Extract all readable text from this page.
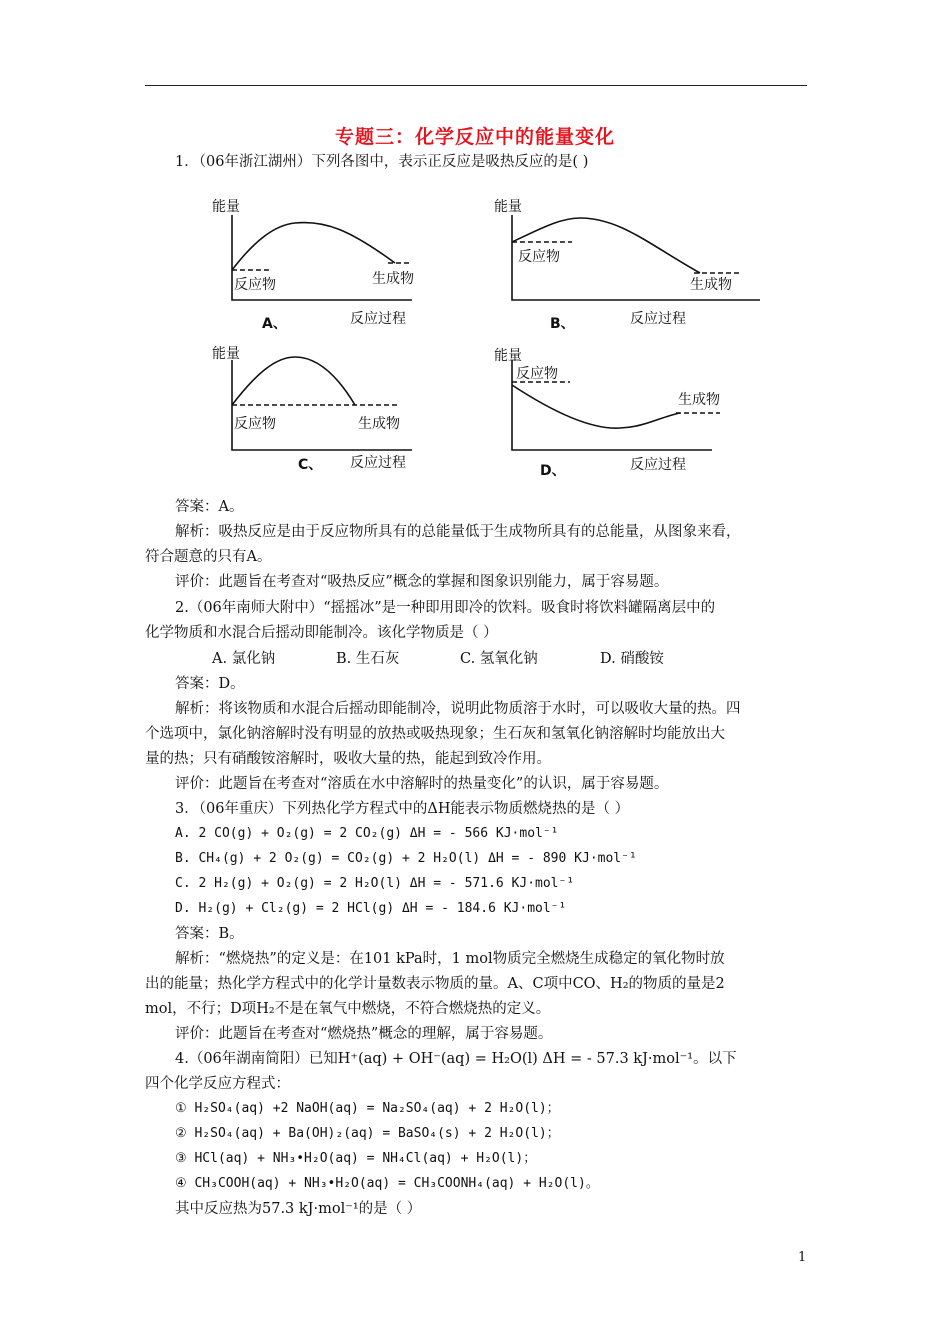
专题三：化学反应中的能量变化
1．（06年浙江湖州）下列各图中，表示正反应是吸热反应的是( )
能量
反应物	生成物
A、	反应过程
能量
反应物
生成物
B、	反应过程
能量
反应物	生成物
C、 反应过程
能量
反应物
生成物
D、	反应过程
答案：A。
解析：吸热反应是由于反应物所具有的总能量低于生成物所具有的总能量，从图象来看，
符合题意的只有A。
评价：此题旨在考查对“吸热反应”概念的掌握和图象识别能力，属于容易题。
2.（06年南师大附中）“摇摇冰”是一种即用即冷的饮料。吸食时将饮料罐隔离层中的
化学物质和水混合后摇动即能制冷。该化学物质是（ ）
A. 氯化钠	B. 生石灰	C. 氢氧化钠	D. 硝酸铵
答案：D。
解析：将该物质和水混合后摇动即能制冷，说明此物质溶于水时，可以吸收大量的热。四
个选项中，氯化钠溶解时没有明显的放热或吸热现象；生石灰和氢氧化钠溶解时均能放出大
量的热；只有硝酸铵溶解时，吸收大量的热，能起到致冷作用。
评价：此题旨在考查对“溶质在水中溶解时的热量变化”的认识，属于容易题。
3．（06年重庆）下列热化学方程式中的ΔH能表示物质燃烧热的是（ ）
A. 2 CO(g) + O₂(g) = 2 CO₂(g) ΔH = - 566 KJ·mol⁻¹
B. CH₄(g) + 2 O₂(g) = CO₂(g) + 2 H₂O(l) ΔH = - 890 KJ·mol⁻¹
C. 2 H₂(g) + O₂(g) = 2 H₂O(l) ΔH = - 571.6 KJ·mol⁻¹
D. H₂(g) + Cl₂(g) = 2 HCl(g) ΔH = - 184.6 KJ·mol⁻¹
答案：B。
解析：“燃烧热”的定义是：在101 kPa时，1 mol物质完全燃烧生成稳定的氧化物时放
出的能量；热化学方程式中的化学计量数表示物质的量。A、C项中CO、H₂的物质的量是2
mol，不行；D项H₂不是在氧气中燃烧，不符合燃烧热的定义。
评价：此题旨在考查对“燃烧热”概念的理解，属于容易题。
4.（06年湖南简阳）已知H⁺(aq) + OH⁻(aq) = H₂O(l) ΔH = - 57.3 kJ·mol⁻¹。以下
四个化学反应方程式：
① H₂SO₄(aq) +2 NaOH(aq) = Na₂SO₄(aq) + 2 H₂O(l)；
② H₂SO₄(aq) + Ba(OH)₂(aq) = BaSO₄(s) + 2 H₂O(l)；
③ HCl(aq) + NH₃•H₂O(aq) = NH₄Cl(aq) + H₂O(l)；
④ CH₃COOH(aq) + NH₃•H₂O(aq) = CH₃COONH₄(aq) + H₂O(l)。
其中反应热为57.3 kJ·mol⁻¹的是（ ）
1
